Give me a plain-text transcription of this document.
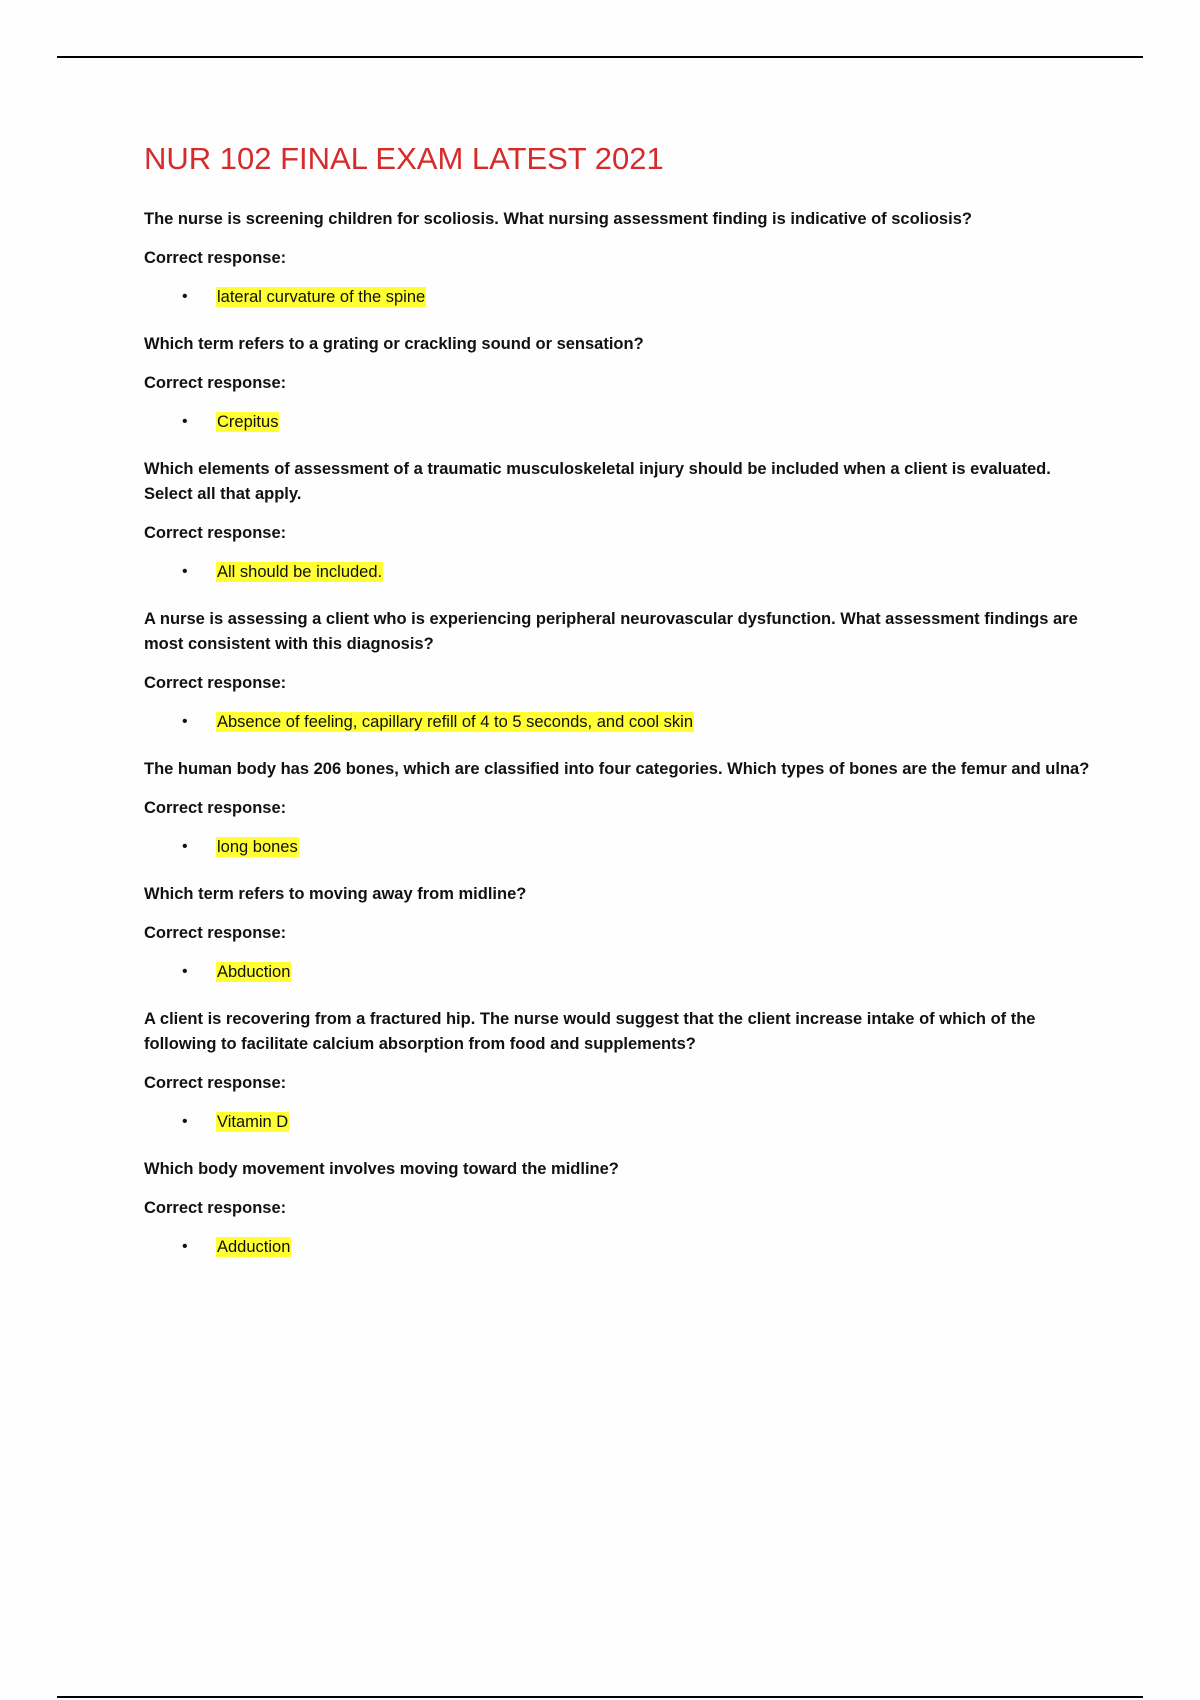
NUR 102 FINAL EXAM LATEST 2021

The nurse is screening children for scoliosis. What nursing assessment finding is indicative of scoliosis?

Correct response:

• lateral curvature of the spine

Which term refers to a grating or crackling sound or sensation?

Correct response:

• Crepitus

Which elements of assessment of a traumatic musculoskeletal injury should be included when a client is evaluated. Select all that apply.

Correct response:

• All should be included.

A nurse is assessing a client who is experiencing peripheral neurovascular dysfunction. What assessment findings are most consistent with this diagnosis?

Correct response:

• Absence of feeling, capillary refill of 4 to 5 seconds, and cool skin

The human body has 206 bones, which are classified into four categories. Which types of bones are the femur and ulna?

Correct response:

• long bones

Which term refers to moving away from midline?

Correct response:

• Abduction

A client is recovering from a fractured hip. The nurse would suggest that the client increase intake of which of the following to facilitate calcium absorption from food and supplements?

Correct response:

• Vitamin D

Which body movement involves moving toward the midline?

Correct response:

• Adduction
